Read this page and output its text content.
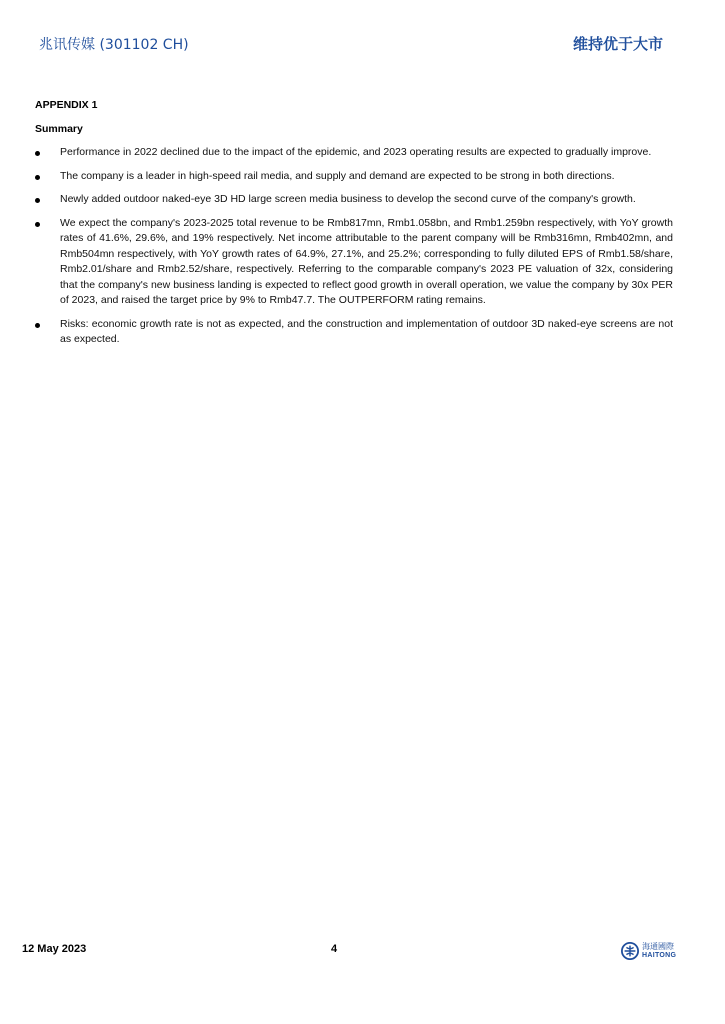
兆讯传媒 (301102 CH)	维持优于大市
APPENDIX 1
Summary
Performance in 2022 declined due to the impact of the epidemic, and 2023 operating results are expected to gradually improve.
The company is a leader in high-speed rail media, and supply and demand are expected to be strong in both directions.
Newly added outdoor naked-eye 3D HD large screen media business to develop the second curve of the company's growth.
We expect the company's 2023-2025 total revenue to be Rmb817mn, Rmb1.058bn, and Rmb1.259bn respectively, with YoY growth rates of 41.6%, 29.6%, and 19% respectively. Net income attributable to the parent company will be Rmb316mn, Rmb402mn, and Rmb504mn respectively, with YoY growth rates of 64.9%, 27.1%, and 25.2%; corresponding to fully diluted EPS of Rmb1.58/share, Rmb2.01/share and Rmb2.52/share, respectively. Referring to the comparable company's 2023 PE valuation of 32x, considering that the company's new business landing is expected to reflect good growth in overall operation, we value the company by 30x PER of 2023, and raised the target price by 9% to Rmb47.7. The OUTPERFORM rating remains.
Risks: economic growth rate is not as expected, and the construction and implementation of outdoor 3D naked-eye screens are not as expected.
12 May 2023	4	海通國際
HAITONG
